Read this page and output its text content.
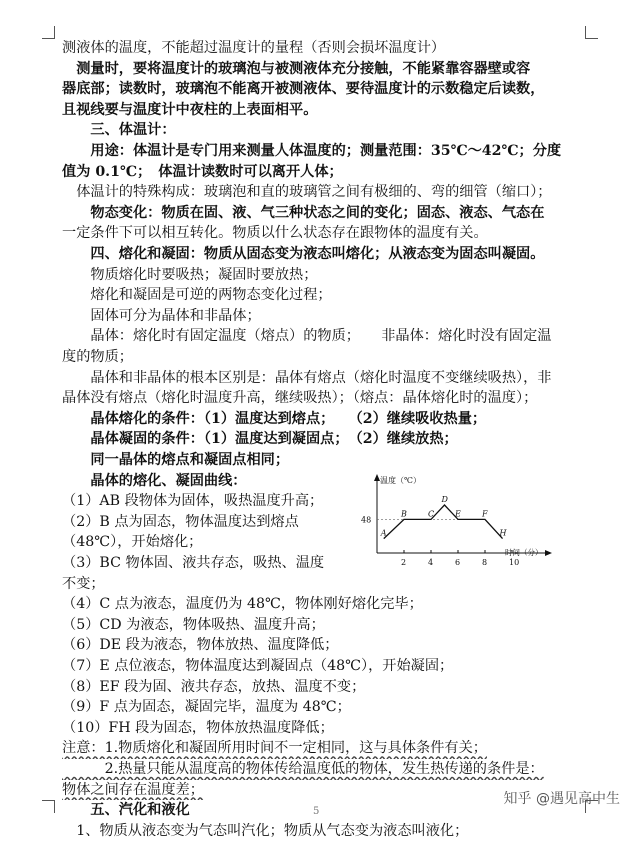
测液体的温度，不能超过温度计的量程（否则会损坏温度计）
　测量时，要将温度计的玻璃泡与被测液体充分接触，不能紧靠容器壁或容
器底部；读数时，玻璃泡不能离开被测液体、要待温度计的示数稳定后读数，
且视线要与温度计中夜柱的上表面相平。
　　三、体温计：
　　用途：体温计是专门用来测量人体温度的；测量范围：35℃～42℃；分度
值为 0.1℃；　体温计读数时可以离开人体；
　体温计的特殊构成：玻璃泡和直的玻璃管之间有极细的、弯的细管（缩口）；
　　物态变化：物质在固、液、气三种状态之间的变化；固态、液态、气态在
一定条件下可以相互转化。物质以什么状态存在跟物体的温度有关。
　　四、熔化和凝固：物质从固态变为液态叫熔化；从液态变为固态叫凝固。
　　物质熔化时要吸热；凝固时要放热；
　　熔化和凝固是可逆的两物态变化过程；
　　固体可分为晶体和非晶体；
　　晶体：熔化时有固定温度（熔点）的物质；　　非晶体：熔化时没有固定温
度的物质；
　　晶体和非晶体的根本区别是：晶体有熔点（熔化时温度不变继续吸热），非
晶体没有熔点（熔化时温度升高，继续吸热）；（熔点：晶体熔化时的温度）；
　　晶体熔化的条件：（1）温度达到熔点；　　（2）继续吸收热量；
　　晶体凝固的条件：（1）温度达到凝固点；　（2）继续放热；
　　同一晶体的熔点和凝固点相同；
　　晶体的熔化、凝固曲线：
（1）AB 段物体为固体，吸热温度升高；
（2）B 点为固态，物体温度达到熔点
（48℃），开始熔化；
（3）BC 物体固、液共存态，吸热、温度
不变；
（4）C 点为液态，温度仍为 48℃，物体刚好熔化完毕；
（5）CD 为液态，物体吸热、温度升高；
（6）DE 段为液态，物体放热、温度降低；
（7）E 点位液态，物体温度达到凝固点（48℃），开始凝固；
（8）EF 段为固、液共存态，放热、温度不变；
（9）F 点为固态，凝固完毕，温度为 48℃；
（10）FH 段为固态，物体放热温度降低；
注意：1.物质熔化和凝固所用时间不一定相同，这与具体条件有关；
　　　2.热量只能从温度高的物体传给温度低的物体，发生热传递的条件是：
物体之间存在温度差；
　　五、汽化和液化
　1、物质从液态变为气态叫汽化；物质从气态变为液态叫液化；
温度（℃）
时间（分）
48
2	4	6	8	10
A
B	C
D
E	F
H
5
知乎 @遇见高中生
